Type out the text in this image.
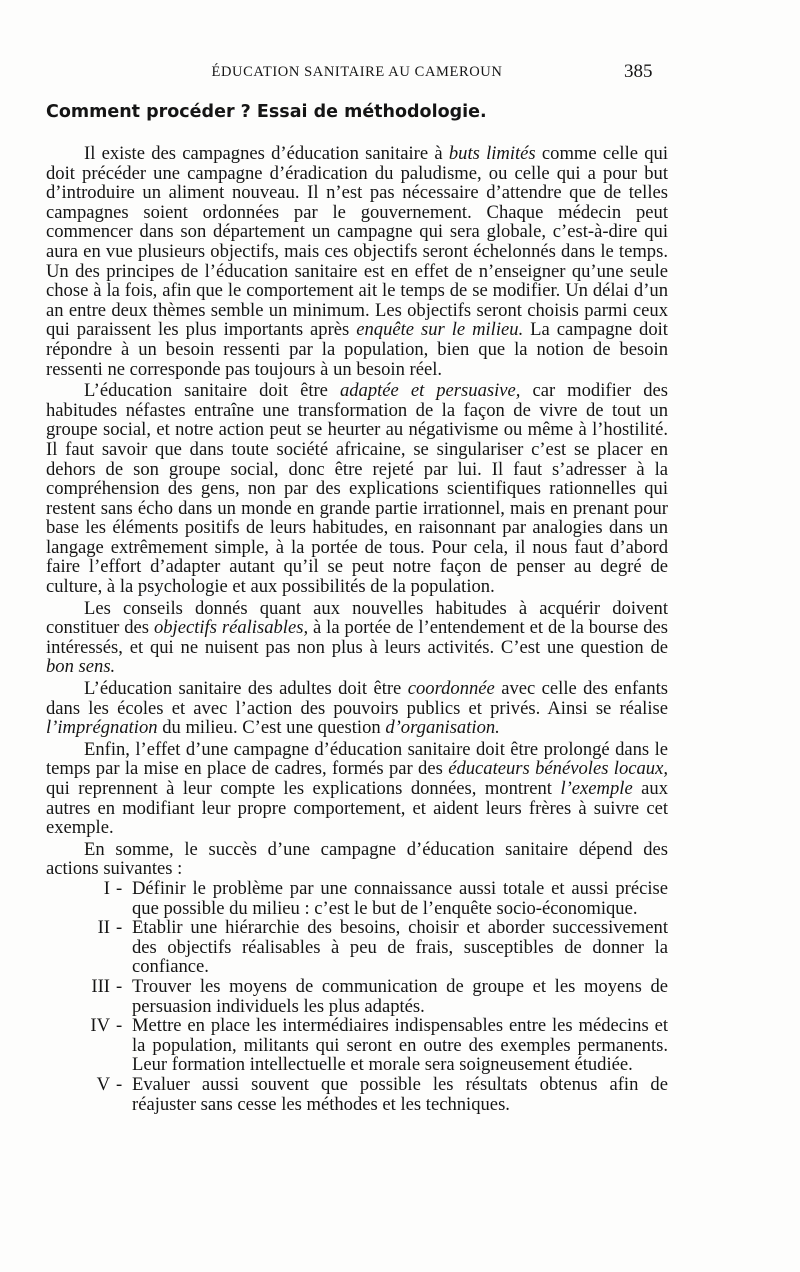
ÉDUCATION SANITAIRE AU CAMEROUN	385
Comment procéder ? Essai de méthodologie.

Il existe des campagnes d’éducation sanitaire à buts limités comme celle qui doit précéder une campagne d’éradication du paludisme, ou celle qui a pour but d’introduire un aliment nouveau. Il n’est pas nécessaire d’attendre que de telles campagnes soient ordonnées par le gouvernement. Chaque médecin peut commencer dans son département un campagne qui sera globale, c’est-à-dire qui aura en vue plusieurs objectifs, mais ces objectifs seront échelonnés dans le temps. Un des principes de l’éducation sanitaire est en effet de n’enseigner qu’une seule chose à la fois, afin que le comportement ait le temps de se modifier. Un délai d’un an entre deux thèmes semble un minimum. Les objectifs seront choisis parmi ceux qui paraissent les plus importants après enquête sur le milieu. La campagne doit répondre à un besoin ressenti par la population, bien que la notion de besoin ressenti ne corresponde pas toujours à un besoin réel.

L’éducation sanitaire doit être adaptée et persuasive, car modifier des habitudes néfastes entraîne une transformation de la façon de vivre de tout un groupe social, et notre action peut se heurter au négativisme ou même à l’hostilité. Il faut savoir que dans toute société africaine, se singulariser c’est se placer en dehors de son groupe social, donc être rejeté par lui. Il faut s’adresser à la compréhension des gens, non par des explications scientifiques rationnelles qui restent sans écho dans un monde en grande partie irrationnel, mais en prenant pour base les éléments positifs de leurs habitudes, en raisonnant par analogies dans un langage extrêmement simple, à la portée de tous. Pour cela, il nous faut d’abord faire l’effort d’adapter autant qu’il se peut notre façon de penser au degré de culture, à la psychologie et aux possibilités de la population.

Les conseils donnés quant aux nouvelles habitudes à acquérir doivent constituer des objectifs réalisables, à la portée de l’entendement et de la bourse des intéressés, et qui ne nuisent pas non plus à leurs activités. C’est une question de bon sens.

L’éducation sanitaire des adultes doit être coordonnée avec celle des enfants dans les écoles et avec l’action des pouvoirs publics et privés. Ainsi se réalise l’imprégnation du milieu. C’est une question d’organisation.

Enfin, l’effet d’une campagne d’éducation sanitaire doit être prolongé dans le temps par la mise en place de cadres, formés par des éducateurs bénévoles locaux, qui reprennent à leur compte les explications données, montrent l’exemple aux autres en modifiant leur propre comportement, et aident leurs frères à suivre cet exemple.

En somme, le succès d’une campagne d’éducation sanitaire dépend des actions suivantes :

I - Définir le problème par une connaissance aussi totale et aussi précise que possible du milieu : c’est le but de l’enquête socio-économique.
II - Etablir une hiérarchie des besoins, choisir et aborder successivement des objectifs réalisables à peu de frais, susceptibles de donner la confiance.
III - Trouver les moyens de communication de groupe et les moyens de persuasion individuels les plus adaptés.
IV - Mettre en place les intermédiaires indispensables entre les médecins et la population, militants qui seront en outre des exemples permanents. Leur formation intellectuelle et morale sera soigneusement étudiée.
V - Evaluer aussi souvent que possible les résultats obtenus afin de réajuster sans cesse les méthodes et les techniques.
